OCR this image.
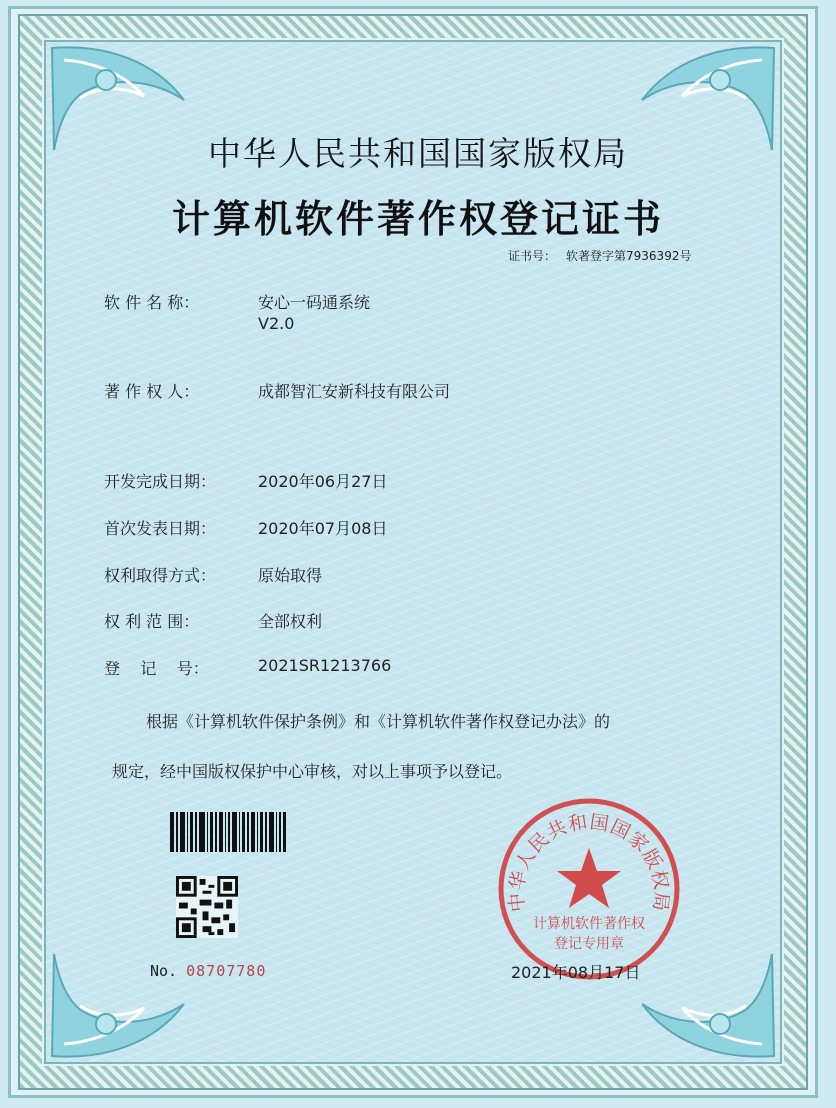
中华人民共和国国家版权局
计算机软件著作权登记证书
证书号： 软著登字第7936392号
软 件 名 称：	安心一码通系统
V2.0
著 作 权 人：	成都智汇安新科技有限公司
开发完成日期：	2020年06月27日
首次发表日期：	2020年07月08日
权利取得方式：	原始取得
权 利 范 围：	全部权利
登    记    号：	2021SR1213766
根据《计算机软件保护条例》和《计算机软件著作权登记办法》的
规定，经中国版权保护中心审核，对以上事项予以登记。
No. 08707780
中华人民共和国国家版权局
计算机软件著作权
登记专用章
2021年08月17日
